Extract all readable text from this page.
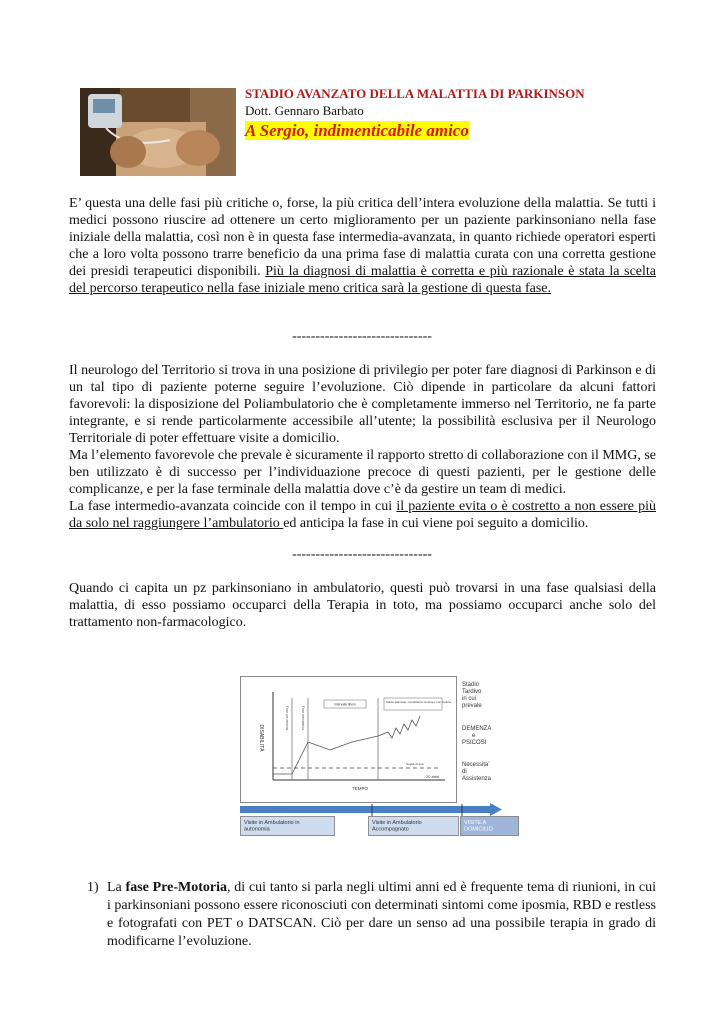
STADIO AVANZATO DELLA MALATTIA DI PARKINSON
Dott. Gennaro Barbato
A Sergio, indimenticabile amico
E’ questa una delle fasi più critiche o, forse, la più critica dell’intera evoluzione della malattia. Se tutti i medici possono riuscire ad ottenere un certo miglioramento per un paziente parkinsoniano nella fase iniziale della malattia, così non è in questa fase intermedia-avanzata, in quanto richiede operatori esperti che a loro volta possono trarre beneficio da una prima fase di malattia curata con una corretta gestione dei presidi terapeutici disponibili. Più la diagnosi di malattia è corretta e più razionale è stata la scelta del percorso terapeutico nella fase iniziale meno critica sarà la gestione di questa fase.
------------------------------
Il neurologo del Territorio si trova in una posizione di privilegio per poter fare diagnosi di Parkinson e di un tal tipo di paziente poterne seguire l’evoluzione. Ciò dipende in particolare da alcuni fattori favorevoli: la disposizione del Poliambulatorio che è completamente immerso nel Territorio, ne fa parte integrante, e si rende particolarmente accessibile all’utente; la possibilità esclusiva per il Neurologo Territoriale di poter effettuare visite a domicilio.
Ma l’elemento favorevole che prevale è sicuramente il rapporto stretto di collaborazione con il MMG, se ben utilizzato è di successo per l’individuazione precoce di questi pazienti, per le gestione delle complicanze, e per la fase terminale della malattia dove c’è da gestire un team di medici.
La fase intermedio-avanzata coincide con il tempo in cui il paziente evita o è costretto a non essere più da solo nel raggiungere l’ambulatorio ed anticipa la fase in cui viene poi seguito a domicilio.
------------------------------
Quando ci capita un pz parkinsoniano in ambulatorio, questi può trovarsi in una fase qualsiasi della malattia, di esso possiamo occuparci della Terapia in toto, ma possiamo occuparci anche solo del trattamento non-farmacologico.
DISABILITÀ
TEMPO
20 anni
Fase pre-motoria	Fase sintomatica
Intervallo libero
Stadio avanzato: complicanze motorie e non motorie
Soglia clinica
Stadio Tardivo in cui prevale
DEMENZA e PSICOSI
Necessita' di Assistenza
Visite in Ambulatorio in autonomia
Visite in Ambulatorio Accompagnato
VISITE A DOMICILIO
1) La fase Pre-Motoria, di cui tanto si parla negli ultimi anni ed è frequente tema di riunioni, in cui i parkinsoniani possono essere riconosciuti con determinati sintomi come iposmia, RBD e restless e fotografati con PET o DATSCAN. Ciò per dare un senso ad una possibile terapia in grado di modificarne l’evoluzione.
